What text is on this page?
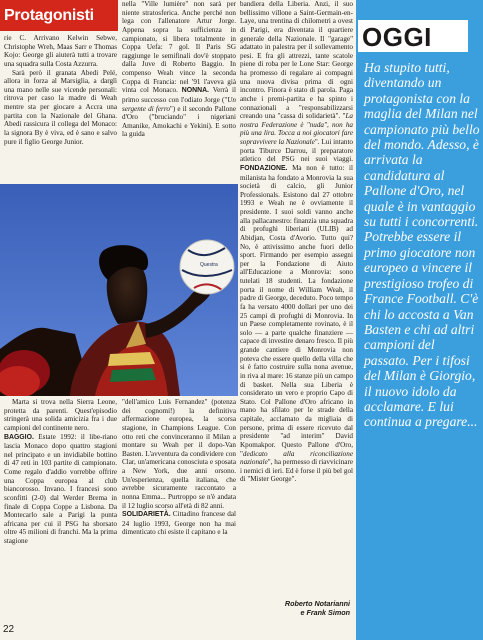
Protagonisti

rie C. Arrivano Kelwin Sebwe, Christophe Wreh, Maas Sarr e Thomas Kojo: George gli aiuterà tutti a trovare una squadra sulla Costa Azzurra.

Sarà però il granata Abedi Pelé, allora in forza al Marsiglia, a darglì una mano nelle sue vicende personali: ritrova per caso la madre di Weah mentre sta per giocare a Accra una partita con la Nazionale del Ghana. Abedi rassicura il collega del Monaco: la signora By è viva, ed è sano e salvo pure il figlio George Junior.

nella "Ville lumière" non sarà per niente stratosferica. Anche perché non lega con l'allenatore Artur Jorge. Appena sopra la sufficienza in campionato, si libera totalmente in Coppa Uefa: 7 gol. Il Paris SG raggiunge le semifinali dov'è stoppato dalla Juve di Roberto Baggio. In compenso Weah vince la seconda Coppa di Francia: nel '91 l'aveva già vinta col Monaco. NONNA. Verrà il primo successo con l'odiato Jorge ("Un sergente di ferro") e il secondo Pallone d'Oro ("bruciando" i nigeriani Amanike, Amokachi e Yekini). E sotto la guida

bandiera della Liberia. Anzi, il suo bellissimo villone a Saint-Germain-en-Laye, una trentina di chilometri a ovest di Parigi, era diventata il quartiere generale della Nazionale. Il "garage" adattato in palestra per il sollevamento pesi. E fra gli attrezzi, tante scatole piene di roba per le Lone Star: George ha promesso di regalare ai compagni una nuova divisa prima di ogni incontro. Finora è stato di parola. Paga anche i premi-partita e ha spinto i connazionali a "responsabilizzarsi creando una "cassa di solidarietà". "La nostra Federazione è "nuda", non ha più una lira. Tocca a noi giocatori fare sopravvivere la Nazionale". Lui intanto porta Tiburce Darrou, il preparatore atletico del PSG nei suoi viaggi. FONDAZIONE. Ma non è tutto: il milanista ha fondato a Monrovia la sua società di calcio, gli Junior Professionals. Esistono dal 27 ottobre 1993 e Weah ne è ovviamente il presidente. I suoi soldi vanno anche alla pallacanestro: finanzia una squadra di profughi liberiani (ULIB) ad Abidjan, Costa d'Avorio. Tutto qui? No, è attivissimo anche fuori dello sport. Firmando per esempio assegni per la Fondazione di Aiuto all'Educazione a Monrovia: sono tutelati 18 studenti. La fondazione porta il nome di William Weah, il padre di George, deceduto. Poco tempo fa ha versato 4000 dollari per uno dei 25 campi di profughi di Monrovia. In un Paese completamente rovinato, è il solo — a parte qualche finanziere — capace di investire denaro fresco. Il più grande cantiere di Monrovia non poteva che essere quello della villa che si è fatto costruire sulla nona avenue, in riva al mare: 16 stanze più un campo di basket. Nella sua Liberia è considerato un vero e proprio Capo di Stato. Col Pallone d'Oro africano in mano ha sfilato per le strade della capitale, acclamato da migliaia di persone, prima di essere ricevuto dal presidente "ad interim" David Kpomakpor. Questo Pallone d'Oro, "dedicato alla riconciliazione nazionale", ha permesso di riavvicinare i nemici di ieri. Ed è forse il più bel gol di "Mister George".

Questra

Marta si trova nella Sierra Leone, protetta da parenti. Quest'episodio stringerà una solida amicizia fra i due campioni del continente nero.

BAGGIO. Estate 1992: il libe-riano lascia Monaco dopo quattro stagioni nel principato e un invidiabile bottino di 47 reti in 103 partite di campionato. Come regalo d'addio vorrebbe offrire una Coppa europea al club biancorosso. Invano. I francesi sono sconfitti (2-0) dal Werder Brema in finale di Coppa Coppe a Lisbona. Da Montecarlo sale a Parigi la punta africana per cui il PSG ha sborsato oltre 45 milioni di franchi. Ma la prima stagione

"dell'amico Luis Fernandez" (potenza dei cognomi!) la definitiva affermazione europea, la scorsa stagione, in Champions League. Con otto reti che convinceranno il Milan a montare su Weah per il dopo-Van Basten. L'avventura da condividere con Clar, un'americana conosciuta e sposata a New York, due anni orsono. Un'esperienza, quella italiana, che avrebbe sicuramente raccontato a nonna Emma... Purtroppo se n'è andata il 12 luglio scorso all'età di 82 anni.

SOLIDARIETÀ. Cittadino francese dal 24 luglio 1993, George non ha mai dimenticato chi esiste il capitano e la

Roberto Notarianni
e Frank Simon
OGGI
Ha stupito tutti, diventando un protagonista con la maglia del Milan nel campionato più bello del mondo. Adesso, è arrivata la candidatura al Pallone d'Oro, nel quale è in vantaggio su tutti i concorrenti. Potrebbe essere il primo giocatore non europeo a vincere il prestigioso trofeo di France Football. C'è chi lo accosta a Van Basten e chi ad altri campioni del passato. Per i tifosi del Milan è Giorgio, il nuovo idolo da acclamare. E lui continua a pregare...
22
